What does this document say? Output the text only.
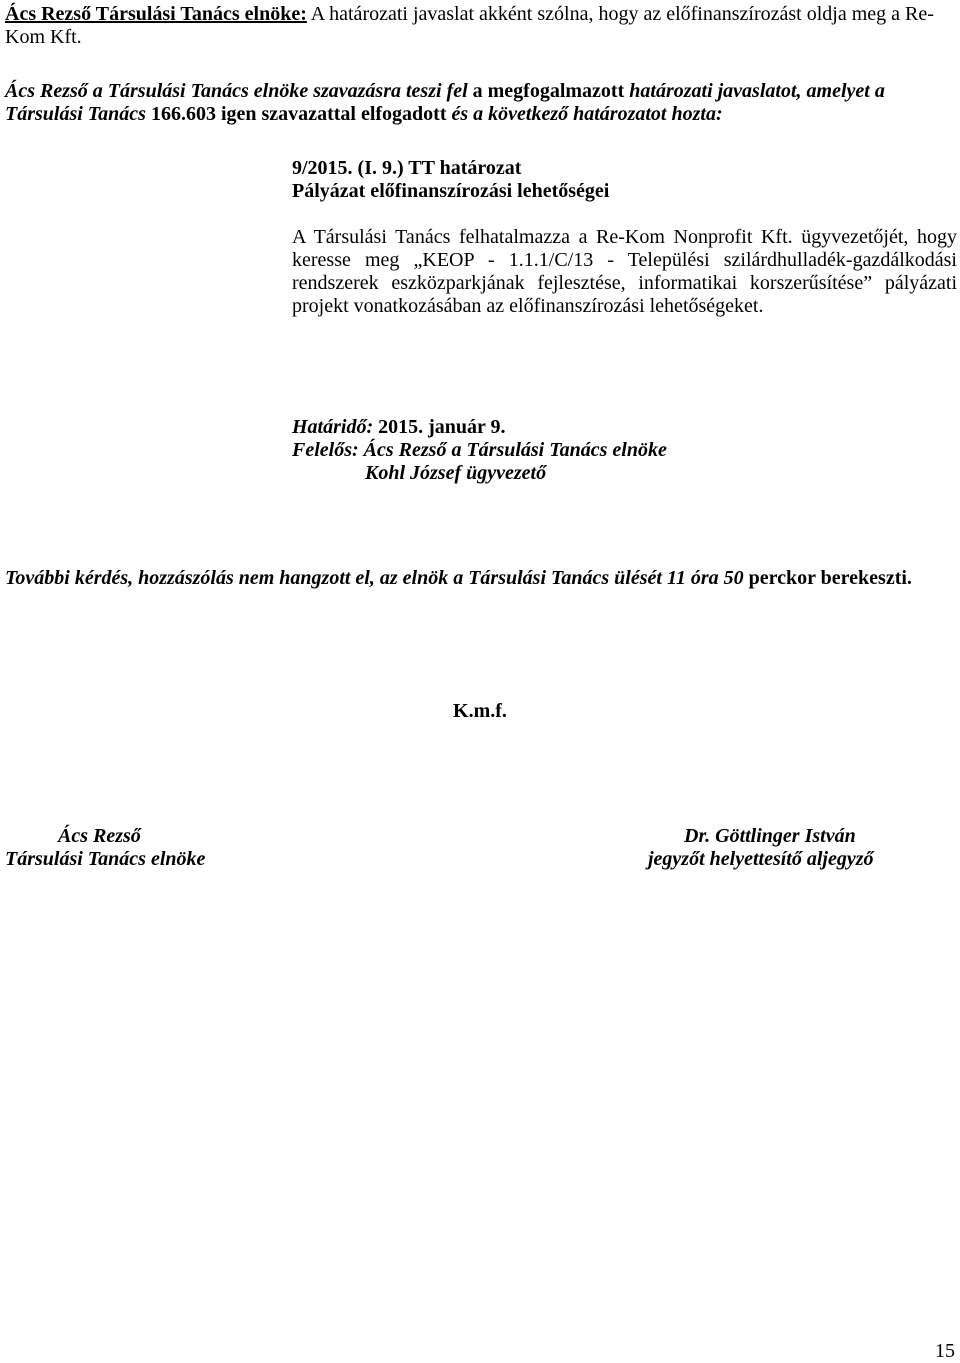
Ács Rezső Társulási Tanács elnöke: A határozati javaslat akként szólna, hogy az előfinanszírozást oldja meg a Re-Kom Kft.

Ács Rezső a Társulási Tanács elnöke szavazásra teszi fel a megfogalmazott határozati javaslatot, amelyet a Társulási Tanács 166.603 igen szavazattal elfogadott és a következő határozatot hozta:

9/2015. (I. 9.) TT határozat

Pályázat előfinanszírozási lehetőségei

A Társulási Tanács felhatalmazza a Re-Kom Nonprofit Kft. ügyvezetőjét, hogy keresse meg „KEOP - 1.1.1/C/13 - Települési szilárdhulladék-gazdálkodási rendszerek eszközparkjának fejlesztése, informatikai korszerűsítése” pályázati projekt vonatkozásában az előfinanszírozási lehetőségeket.

Határidő: 2015. január 9.

Felelős: Ács Rezső a Társulási Tanács elnöke

Kohl József ügyvezető

További kérdés, hozzászólás nem hangzott el, az elnök a Társulási Tanács ülését 11 óra 50 perckor berekeszti.

K.m.f.

Ács Rezső

Társulási Tanács elnöke

Dr. Göttlinger István

jegyzőt helyettesítő aljegyző

15
